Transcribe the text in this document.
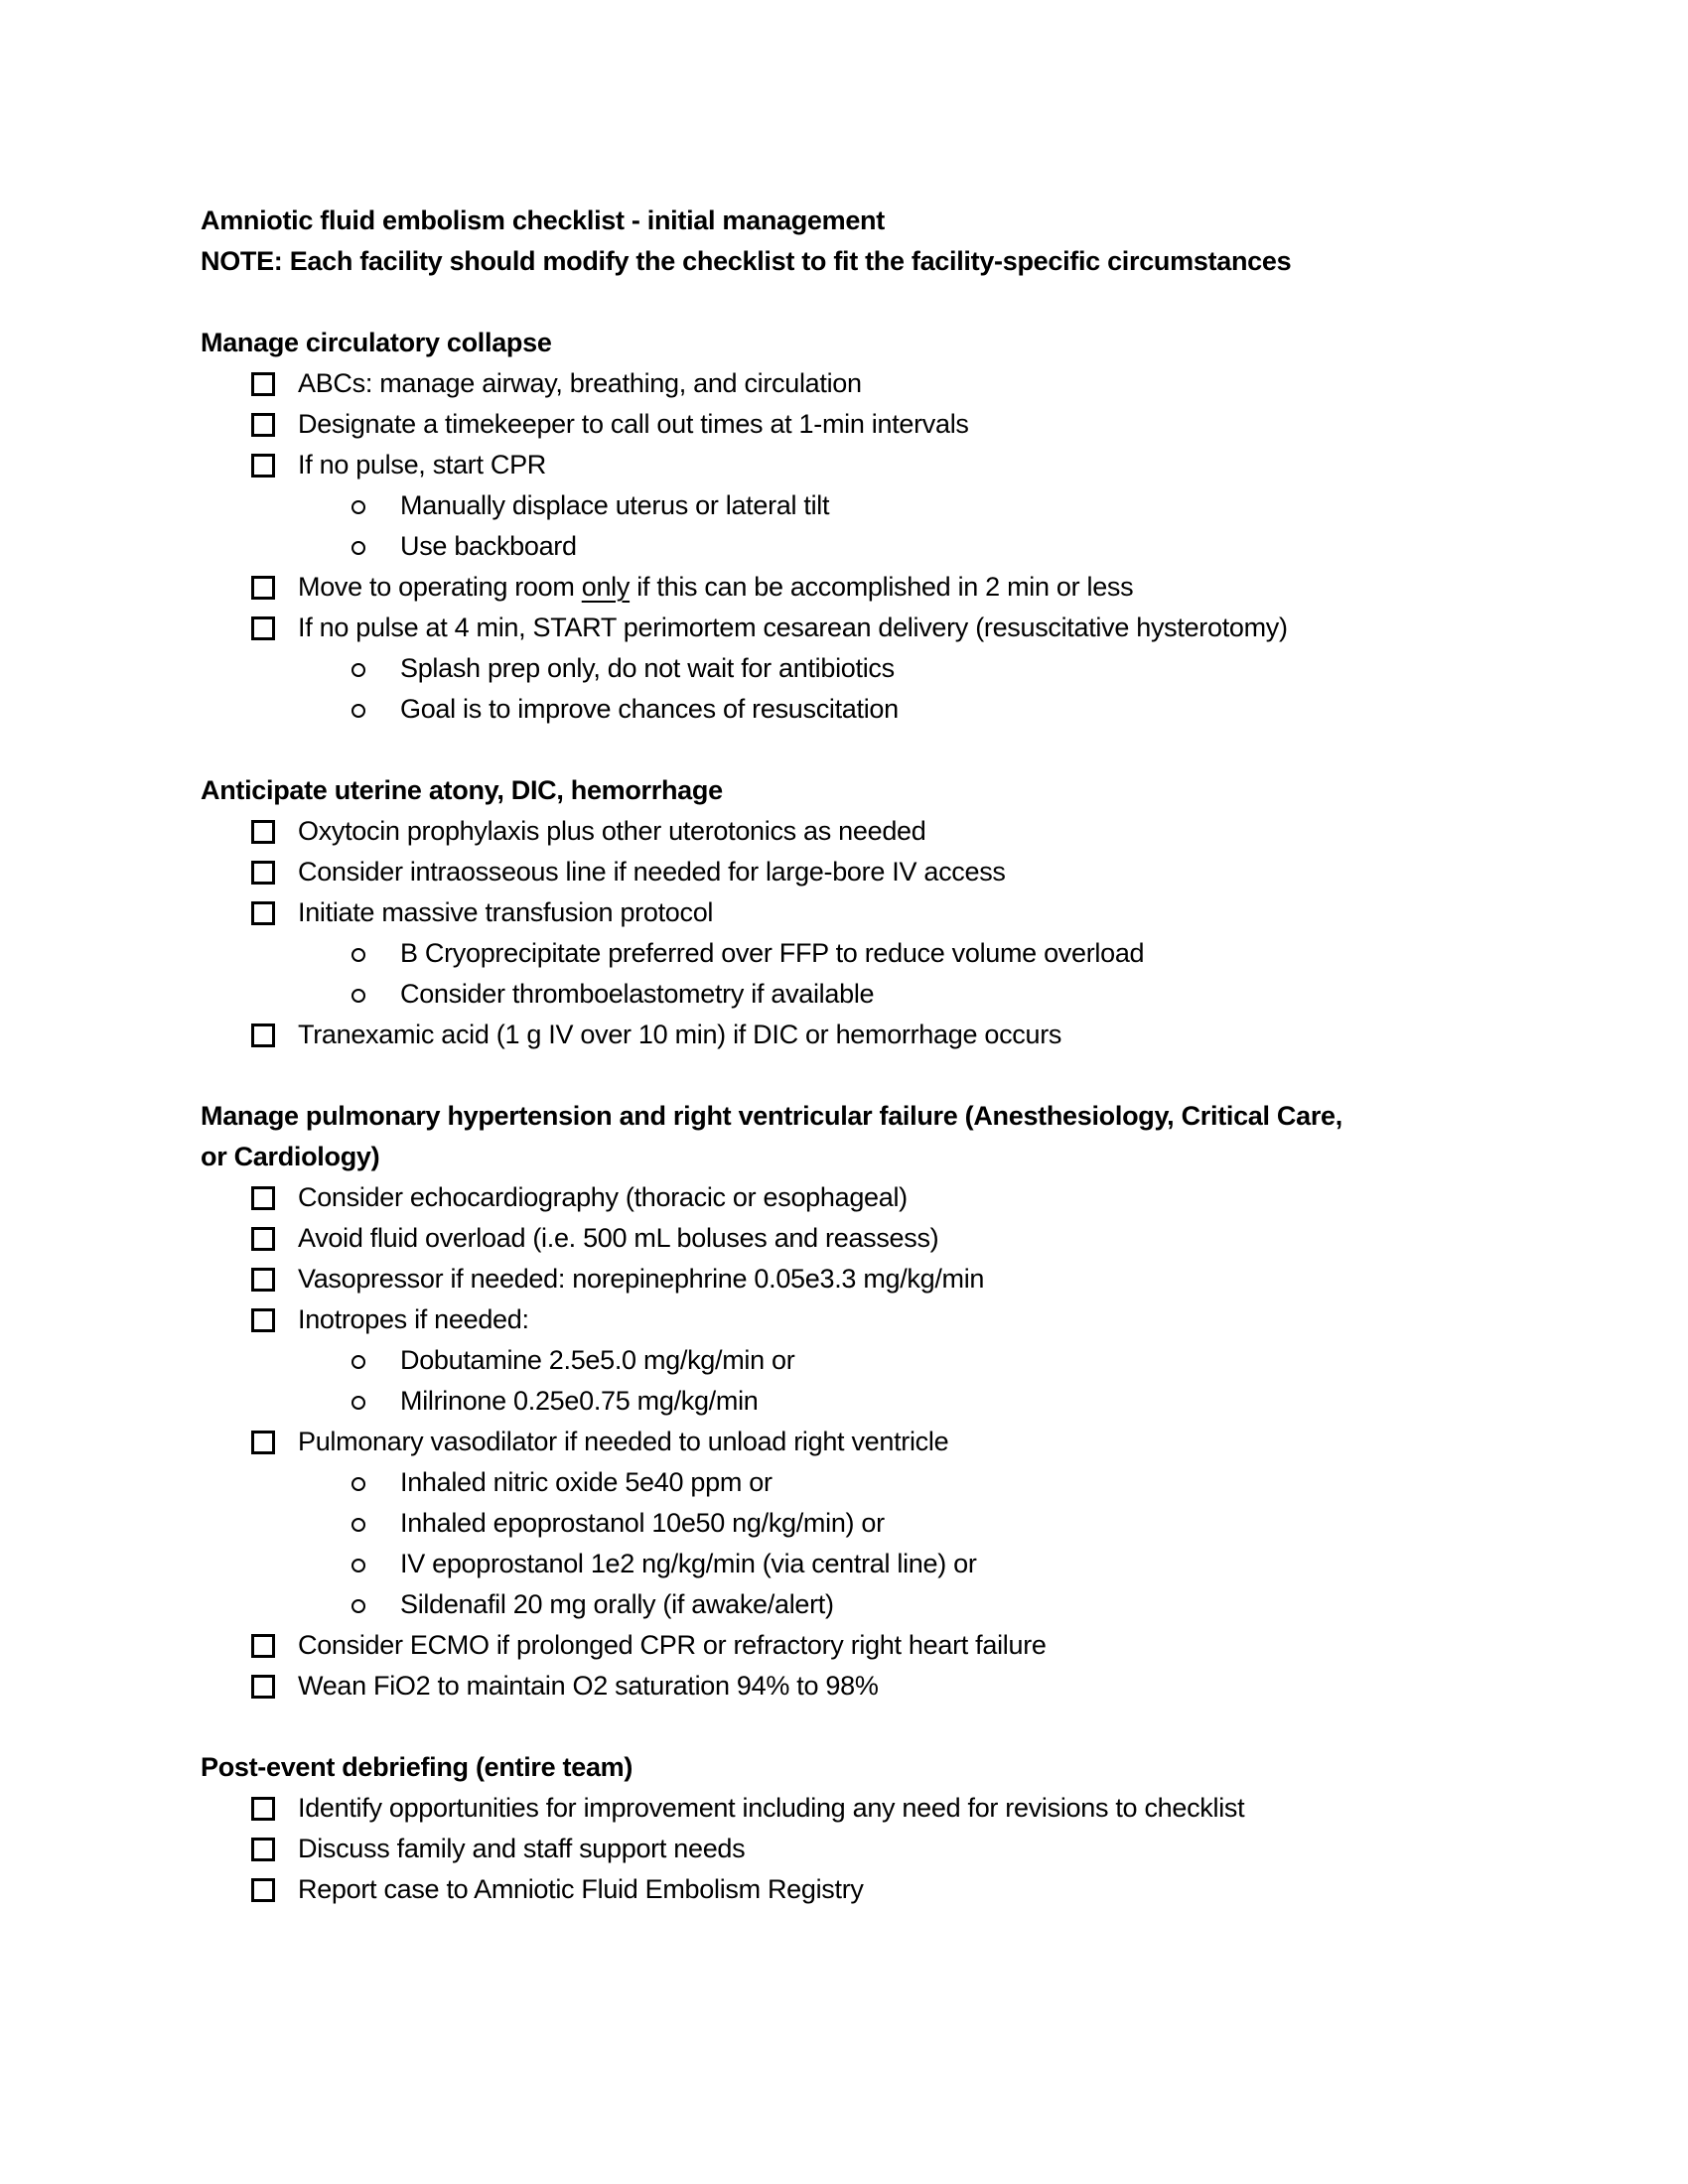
Amniotic fluid embolism checklist - initial management
NOTE: Each facility should modify the checklist to fit the facility-specific circumstances
Manage circulatory collapse
ABCs: manage airway, breathing, and circulation
Designate a timekeeper to call out times at 1-min intervals
If no pulse, start CPR
Manually displace uterus or lateral tilt
Use backboard
Move to operating room only if this can be accomplished in 2 min or less
If no pulse at 4 min, START perimortem cesarean delivery (resuscitative hysterotomy)
Splash prep only, do not wait for antibiotics
Goal is to improve chances of resuscitation
Anticipate uterine atony, DIC, hemorrhage
Oxytocin prophylaxis plus other uterotonics as needed
Consider intraosseous line if needed for large-bore IV access
Initiate massive transfusion protocol
B Cryoprecipitate preferred over FFP to reduce volume overload
Consider thromboelastometry if available
Tranexamic acid (1 g IV over 10 min) if DIC or hemorrhage occurs
Manage pulmonary hypertension and right ventricular failure (Anesthesiology, Critical Care,
or Cardiology)
Consider echocardiography (thoracic or esophageal)
Avoid fluid overload (i.e. 500 mL boluses and reassess)
Vasopressor if needed: norepinephrine 0.05e3.3 mg/kg/min
Inotropes if needed:
Dobutamine 2.5e5.0 mg/kg/min or
Milrinone 0.25e0.75 mg/kg/min
Pulmonary vasodilator if needed to unload right ventricle
Inhaled nitric oxide 5e40 ppm or
Inhaled epoprostanol 10e50 ng/kg/min) or
IV epoprostanol 1e2 ng/kg/min (via central line) or
Sildenafil 20 mg orally (if awake/alert)
Consider ECMO if prolonged CPR or refractory right heart failure
Wean FiO2 to maintain O2 saturation 94% to 98%
Post-event debriefing (entire team)
Identify opportunities for improvement including any need for revisions to checklist
Discuss family and staff support needs
Report case to Amniotic Fluid Embolism Registry
